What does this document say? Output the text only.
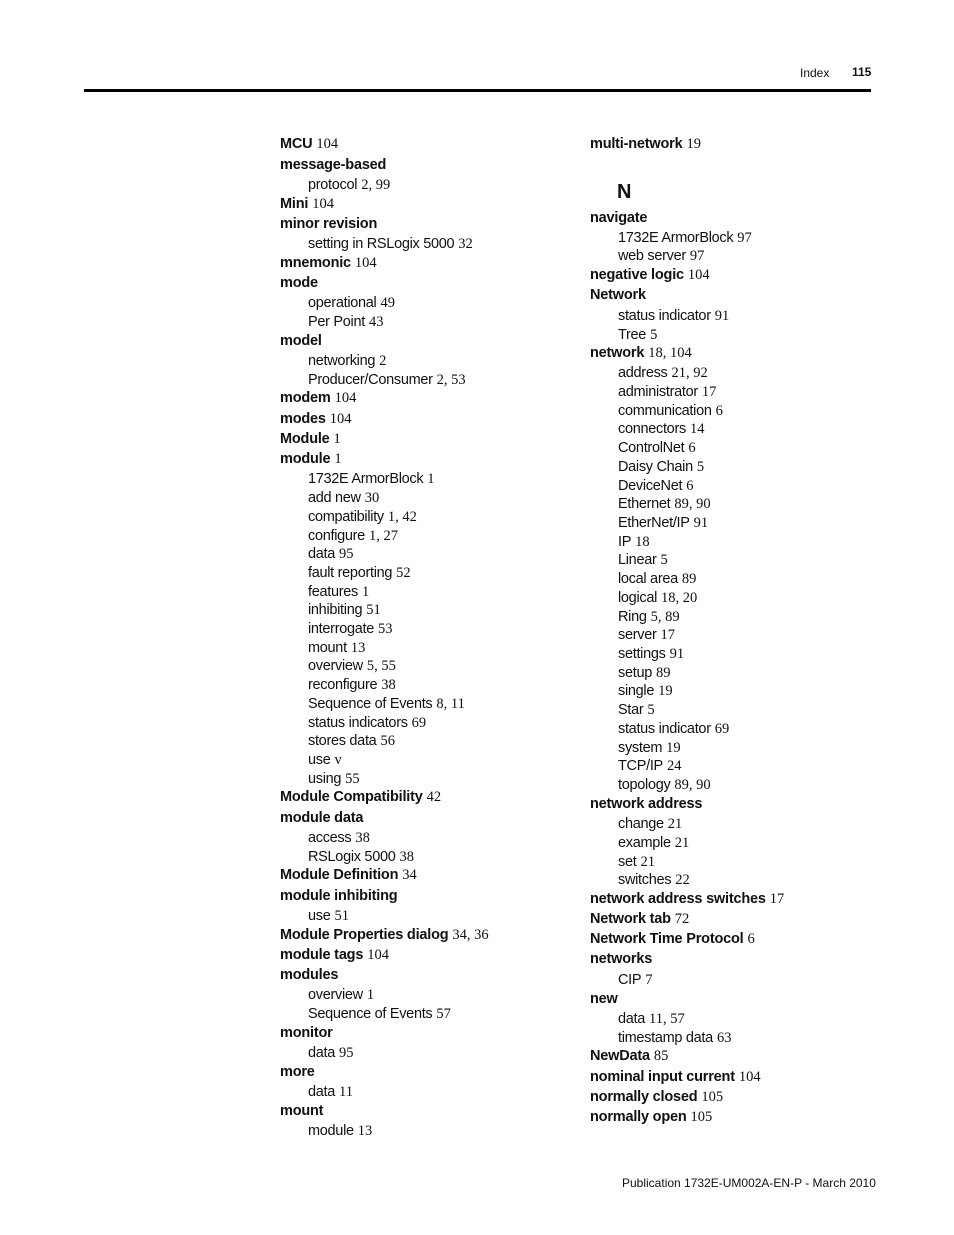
Index 115
MCU 104
message-based
protocol 2, 99
Mini 104
minor revision
setting in RSLogix 5000 32
mnemonic 104
mode
operational 49
Per Point 43
model
networking 2
Producer/Consumer 2, 53
modem 104
modes 104
Module 1
module 1
1732E ArmorBlock 1
add new 30
compatibility 1, 42
configure 1, 27
data 95
fault reporting 52
features 1
inhibiting 51
interrogate 53
mount 13
overview 5, 55
reconfigure 38
Sequence of Events 8, 11
status indicators 69
stores data 56
use v
using 55
Module Compatibility 42
module data
access 38
RSLogix 5000 38
Module Definition 34
module inhibiting
use 51
Module Properties dialog 34, 36
module tags 104
modules
overview 1
Sequence of Events 57
monitor
data 95
more
data 11
mount
module 13
multi-network 19
N
navigate
1732E ArmorBlock 97
web server 97
negative logic 104
Network
status indicator 91
Tree 5
network 18, 104
address 21, 92
administrator 17
communication 6
connectors 14
ControlNet 6
Daisy Chain 5
DeviceNet 6
Ethernet 89, 90
EtherNet/IP 91
IP 18
Linear 5
local area 89
logical 18, 20
Ring 5, 89
server 17
settings 91
setup 89
single 19
Star 5
status indicator 69
system 19
TCP/IP 24
topology 89, 90
network address
change 21
example 21
set 21
switches 22
network address switches 17
Network tab 72
Network Time Protocol 6
networks
CIP 7
new
data 11, 57
timestamp data 63
NewData 85
nominal input current 104
normally closed 105
normally open 105
Publication 1732E-UM002A-EN-P - March 2010
